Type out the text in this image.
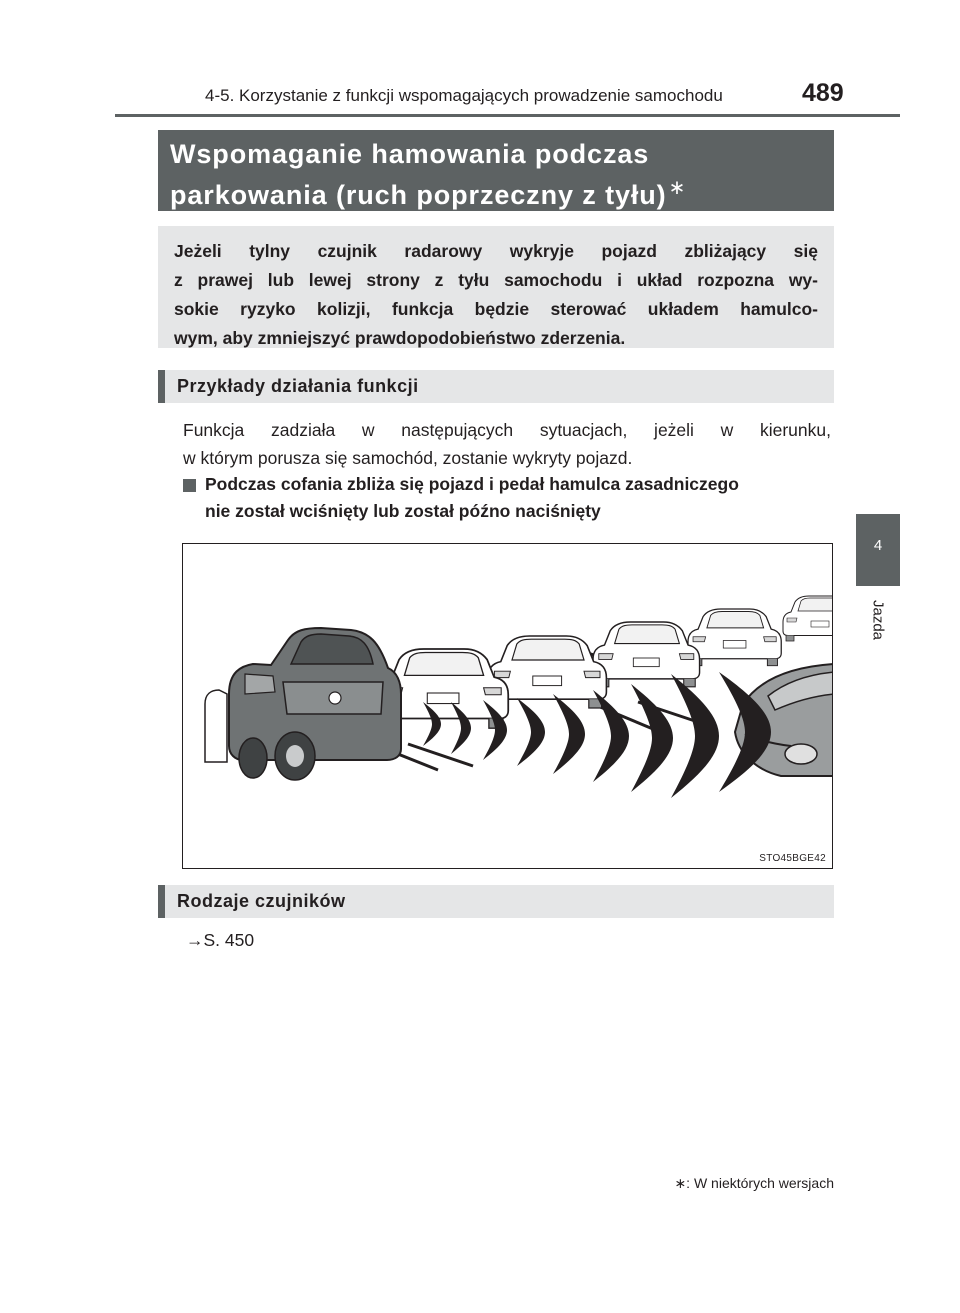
4-5. Korzystanie z funkcji wspomagających prowadzenie samochodu	489
4
Jazda
Wspomaganie hamowania podczas
parkowania (ruch poprzeczny z tyłu) ∗
Jeżeli tylny czujnik radarowy wykryje pojazd zbliżający się
z prawej lub lewej strony z tyłu samochodu i układ rozpozna wy-
sokie ryzyko kolizji, funkcja będzie sterować układem hamulco-
wym, aby zmniejszyć prawdopodobieństwo zderzenia.
Przykłady działania funkcji
Funkcja zadziała w następujących sytuacjach, jeżeli w kierunku,
w którym porusza się samochód, zostanie wykryty pojazd.
Podczas cofania zbliża się pojazd i pedał hamulca zasadniczego
nie został wciśnięty lub został późno naciśnięty
STO45BGE42
Rodzaje czujników
→S. 450
∗: W niektórych wersjach
